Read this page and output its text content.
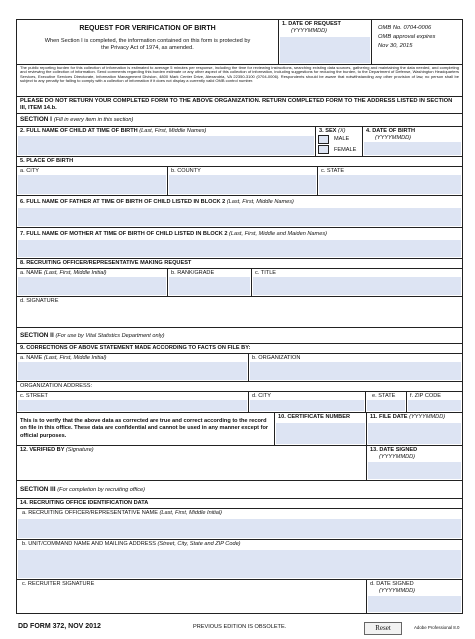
REQUEST FOR VERIFICATION OF BIRTH
When Section I is completed, the information contained on this form is protected by
the Privacy Act of 1974, as amended.
1. DATE OF REQUEST
(YYYYMMDD)	OMB No. 0704-0006
OMB approval expires
Nov 30, 2015
The public reporting burden for this collection of information is estimated to average 5 minutes per response, including the time for reviewing instructions, searching existing data sources, gathering and maintaining the data needed, and completing and reviewing the collection of information. Send comments regarding this burden estimate or any other aspect of this collection of information, including suggestions for reducing the burden, to the Department of Defense, Washington Headquarters Services, Executive Services Directorate, Information Management Division, 4800 Mark Center Drive, Alexandria, VA 22350-3100 (0704-0006). Respondents should be aware that notwithstanding any other provision of law, no person shall be subject to any penalty for failing to comply with a collection of information if it does not display a currently valid OMB control number.
PLEASE DO NOT RETURN YOUR COMPLETED FORM TO THE ABOVE ORGANIZATION. RETURN COMPLETED FORM TO THE ADDRESS LISTED IN SECTION III, ITEM 14.b.
SECTION I (Fill in every item in this section)
2. FULL NAME OF CHILD AT TIME OF BIRTH (Last, First, Middle Names)	3. SEX (X)
MALE
FEMALE
4. DATE OF BIRTH
(YYYYMMDD)
5. PLACE OF BIRTH
a. CITY	b. COUNTY	c. STATE
6. FULL NAME OF FATHER AT TIME OF BIRTH OF CHILD LISTED IN BLOCK 2 (Last, First, Middle Names)
7. FULL NAME OF MOTHER AT TIME OF BIRTH OF CHILD LISTED IN BLOCK 2 (Last, First, Middle and Maiden Names)
8. RECRUITING OFFICER/REPRESENTATIVE MAKING REQUEST
a. NAME (Last, First, Middle Initial)	b. RANK/GRADE	c. TITLE
d. SIGNATURE
SECTION II (For use by Vital Statistics Department only)
9. CORRECTIONS OF ABOVE STATEMENT MADE ACCORDING TO FACTS ON FILE BY:
a. NAME (Last, First, Middle Initial)	b. ORGANIZATION
ORGANIZATION ADDRESS:
c. STREET	d. CITY	e. STATE	f. ZIP CODE
This is to verify that the above data as corrected are true and correct according to the record on file in this office. These data are confidential and cannot be used in any manner except for official purposes.
10. CERTIFICATE NUMBER	11. FILE DATE (YYYYMMDD)
12. VERIFIED BY (Signature)	13. DATE SIGNED
(YYYYMMDD)
SECTION III (For completion by recruiting office)
14. RECRUITING OFFICE IDENTIFICATION DATA
a. RECRUITING OFFICER/REPRESENTATIVE NAME (Last, First, Middle Initial)
b. UNIT/COMMAND NAME AND MAILING ADDRESS (Street, City, State and ZIP Code)
c. RECRUITER SIGNATURE	d. DATE SIGNED
(YYYYMMDD)
DD FORM 372, NOV 2012	PREVIOUS EDITION IS OBSOLETE.	Reset	Adobe Professional 8.0
